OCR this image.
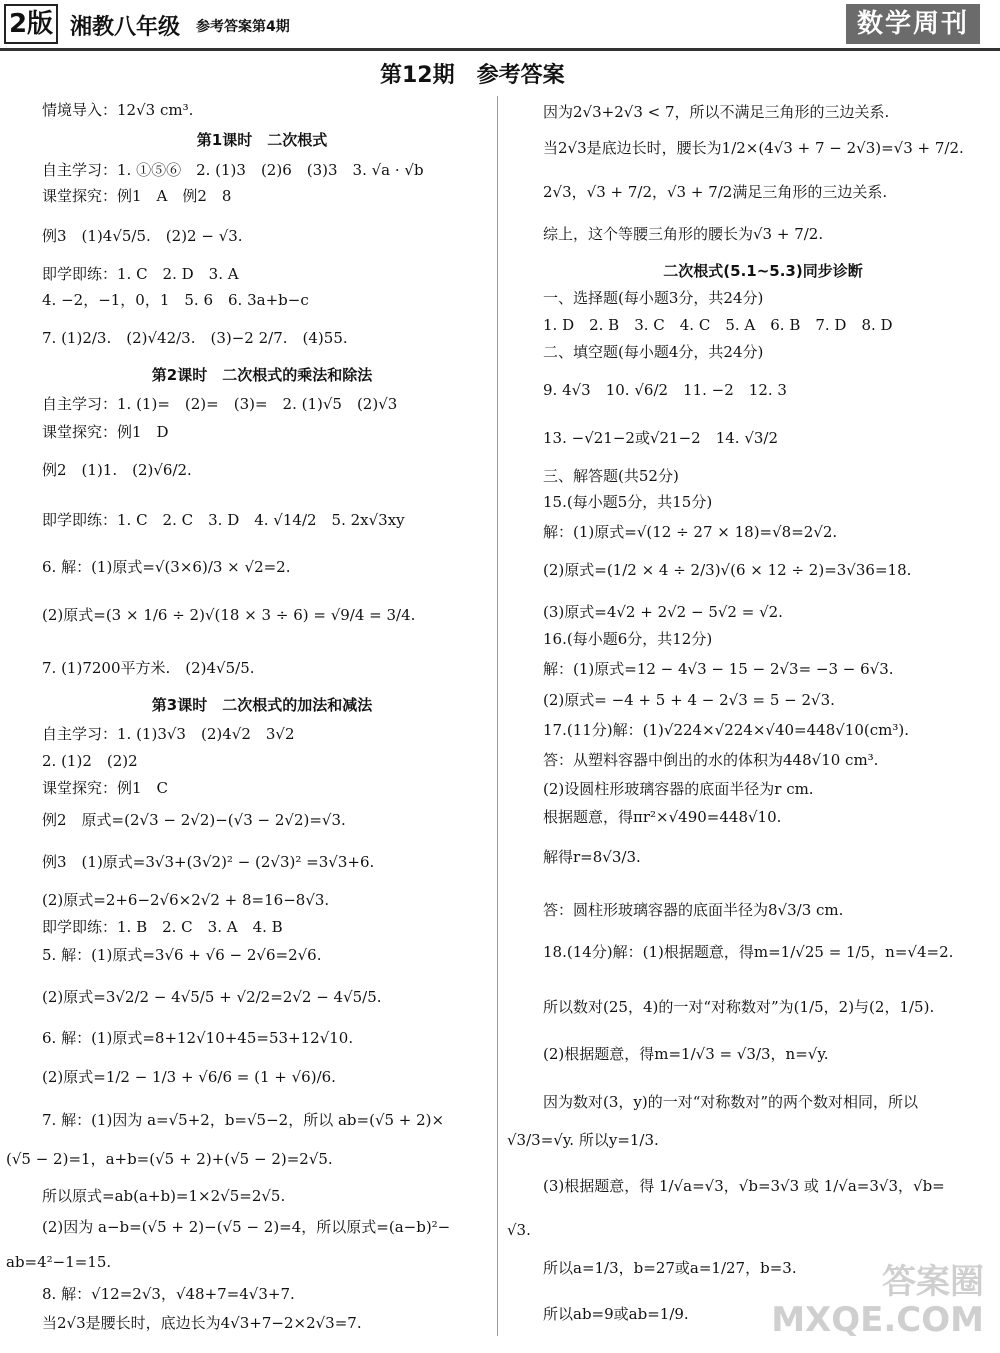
2版 湘教八年级 参考答案第4期	数学周刊
第12期　参考答案
情境导入：12√3 cm³.
第1课时　二次根式
自主学习：1. ①⑤⑥　2. (1)3　(2)6　(3)3　3. √a · √b
课堂探究：例1　A　例2　8
例3　(1)4√5/5.　(2)2 − √3.
即学即练：1. C　2. D　3. A
4. −2，−1，0，1　5. 6　6. 3a+b−c
7. (1)2/3.　(2)√42/3.　(3)−2 2/7.　(4)55.
第2课时　二次根式的乘法和除法
自主学习：1. (1)=　(2)=　(3)=　2. (1)√5　(2)√3
课堂探究：例1　D
例2　(1)1.　(2)√6/2.
即学即练：1. C　2. C　3. D　4. √14/2　5. 2x√3xy
6. 解：(1)原式=√(3×6)/3 × √2=2.
(2)原式=(3 × 1/6 ÷ 2)√(18 × 3 ÷ 6) = √9/4 = 3/4.
7. (1)7200平方米.　(2)4√5/5.
第3课时　二次根式的加法和减法
自主学习：1. (1)3√3　(2)4√2　3√2
2. (1)2　(2)2
课堂探究：例1　C
例2　原式=(2√3 − 2√2)−(√3 − 2√2)=√3.
例3　(1)原式=3√3+(3√2)² − (2√3)² =3√3+6.
(2)原式=2+6−2√6×2√2 + 8=16−8√3.
即学即练：1. B　2. C　3. A　4. B
5. 解：(1)原式=3√6 + √6 − 2√6=2√6.
(2)原式=3√2/2 − 4√5/5 + √2/2=2√2 − 4√5/5.
6. 解：(1)原式=8+12√10+45=53+12√10.
(2)原式=1/2 − 1/3 + √6/6 = (1 + √6)/6.
7. 解：(1)因为 a=√5+2，b=√5−2，所以 ab=(√5 + 2)×
(√5 − 2)=1，a+b=(√5 + 2)+(√5 − 2)=2√5.
所以原式=ab(a+b)=1×2√5=2√5.
(2)因为 a−b=(√5 + 2)−(√5 − 2)=4，所以原式=(a−b)²−
ab=4²−1=15.
8. 解：√12=2√3，√48+7=4√3+7.
当2√3是腰长时，底边长为4√3+7−2×2√3=7.
因为2√3+2√3 < 7，所以不满足三角形的三边关系.
当2√3是底边长时，腰长为1/2×(4√3 + 7 − 2√3)=√3 + 7/2.
2√3，√3 + 7/2，√3 + 7/2满足三角形的三边关系.
综上，这个等腰三角形的腰长为√3 + 7/2.
二次根式(5.1~5.3)同步诊断
一、选择题(每小题3分，共24分)
1. D　2. B　3. C　4. C　5. A　6. B　7. D　8. D
二、填空题(每小题4分，共24分)
9. 4√3　10. √6/2　11. −2　12. 3
13. −√21−2或√21−2　14. √3/2
三、解答题(共52分)
15.(每小题5分，共15分)
解：(1)原式=√(12 ÷ 27 × 18)=√8=2√2.
(2)原式=(1/2 × 4 ÷ 2/3)√(6 × 12 ÷ 2)=3√36=18.
(3)原式=4√2 + 2√2 − 5√2 = √2.
16.(每小题6分，共12分)
解：(1)原式=12 − 4√3 − 15 − 2√3= −3 − 6√3.
(2)原式= −4 + 5 + 4 − 2√3 = 5 − 2√3.
17.(11分)解：(1)√224×√224×√40=448√10(cm³).
答：从塑料容器中倒出的水的体积为448√10 cm³.
(2)设圆柱形玻璃容器的底面半径为r cm.
根据题意，得πr²×√490=448√10.
解得r=8√3/3.
答：圆柱形玻璃容器的底面半径为8√3/3 cm.
18.(14分)解：(1)根据题意，得m=1/√25 = 1/5，n=√4=2.
所以数对(25，4)的一对“对称数对”为(1/5，2)与(2，1/5).
(2)根据题意，得m=1/√3 = √3/3，n=√y.
因为数对(3，y)的一对“对称数对”的两个数对相同，所以
√3/3=√y. 所以y=1/3.
(3)根据题意，得 1/√a=√3，√b=3√3 或 1/√a=3√3，√b=
√3.
所以a=1/3，b=27或a=1/27，b=3.
所以ab=9或ab=1/9.
答案圈
MXQE.COM
